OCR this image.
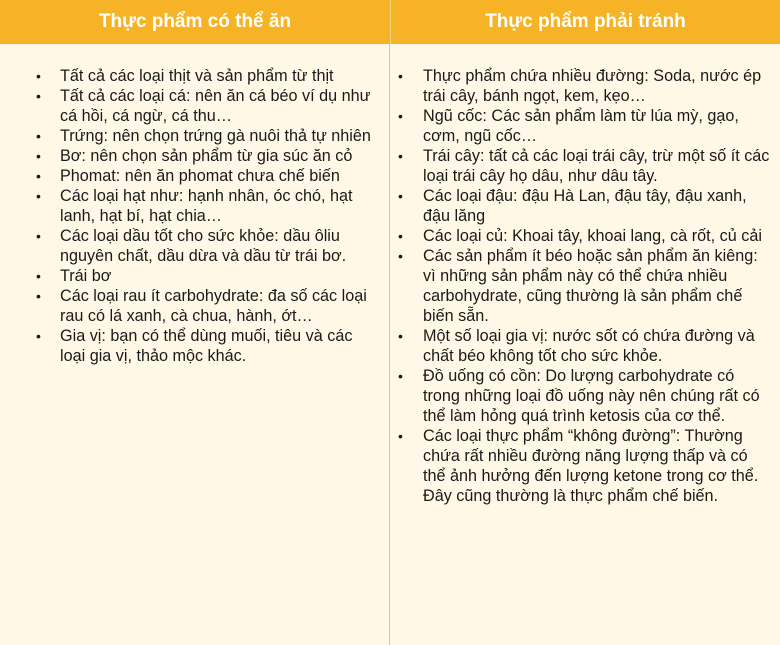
Thực phẩm có thể ăn	Thực phẩm phải tránh
• Tất cả các loại thịt và sản phẩm từ thịt
• Tất cả các loại cá: nên ăn cá béo ví dụ như cá hồi, cá ngừ, cá thu…
• Trứng: nên chọn trứng gà nuôi thả tự nhiên
• Bơ: nên chọn sản phẩm từ gia súc ăn cỏ
• Phomat: nên ăn phomat chưa chế biến
• Các loại hạt như: hạnh nhân, óc chó, hạt lanh, hạt bí, hạt chia…
• Các loại dầu tốt cho sức khỏe: dầu ôliu nguyên chất, dầu dừa và dầu từ trái bơ.
• Trái bơ
• Các loại rau ít carbohydrate: đa số các loại rau có lá xanh, cà chua, hành, ớt…
• Gia vị: bạn có thể dùng muối, tiêu và các loại gia vị, thảo mộc khác.
• Thực phẩm chứa nhiều đường: Soda, nước ép trái cây, bánh ngọt, kem, kẹo…
• Ngũ cốc: Các sản phẩm làm từ lúa mỳ, gạo, cơm, ngũ cốc…
• Trái cây: tất cả các loại trái cây, trừ một số ít các loại trái cây họ dâu, như dâu tây.
• Các loại đậu: đậu Hà Lan, đậu tây, đậu xanh, đậu lăng
• Các loại củ: Khoai tây, khoai lang, cà rốt, củ cải
• Các sản phẩm ít béo hoặc sản phẩm ăn kiêng: vì những sản phẩm này có thể chứa nhiều carbohydrate, cũng thường là sản phẩm chế biến sẵn.
• Một số loại gia vị: nước sốt có chứa đường và chất béo không tốt cho sức khỏe.
• Đồ uống có cồn: Do lượng carbohydrate có trong những loại đồ uống này nên chúng rất có thể làm hỏng quá trình ketosis của cơ thể.
• Các loại thực phẩm “không đường”: Thường chứa rất nhiều đường năng lượng thấp và có thể ảnh hưởng đến lượng ketone trong cơ thể. Đây cũng thường là thực phẩm chế biến.
